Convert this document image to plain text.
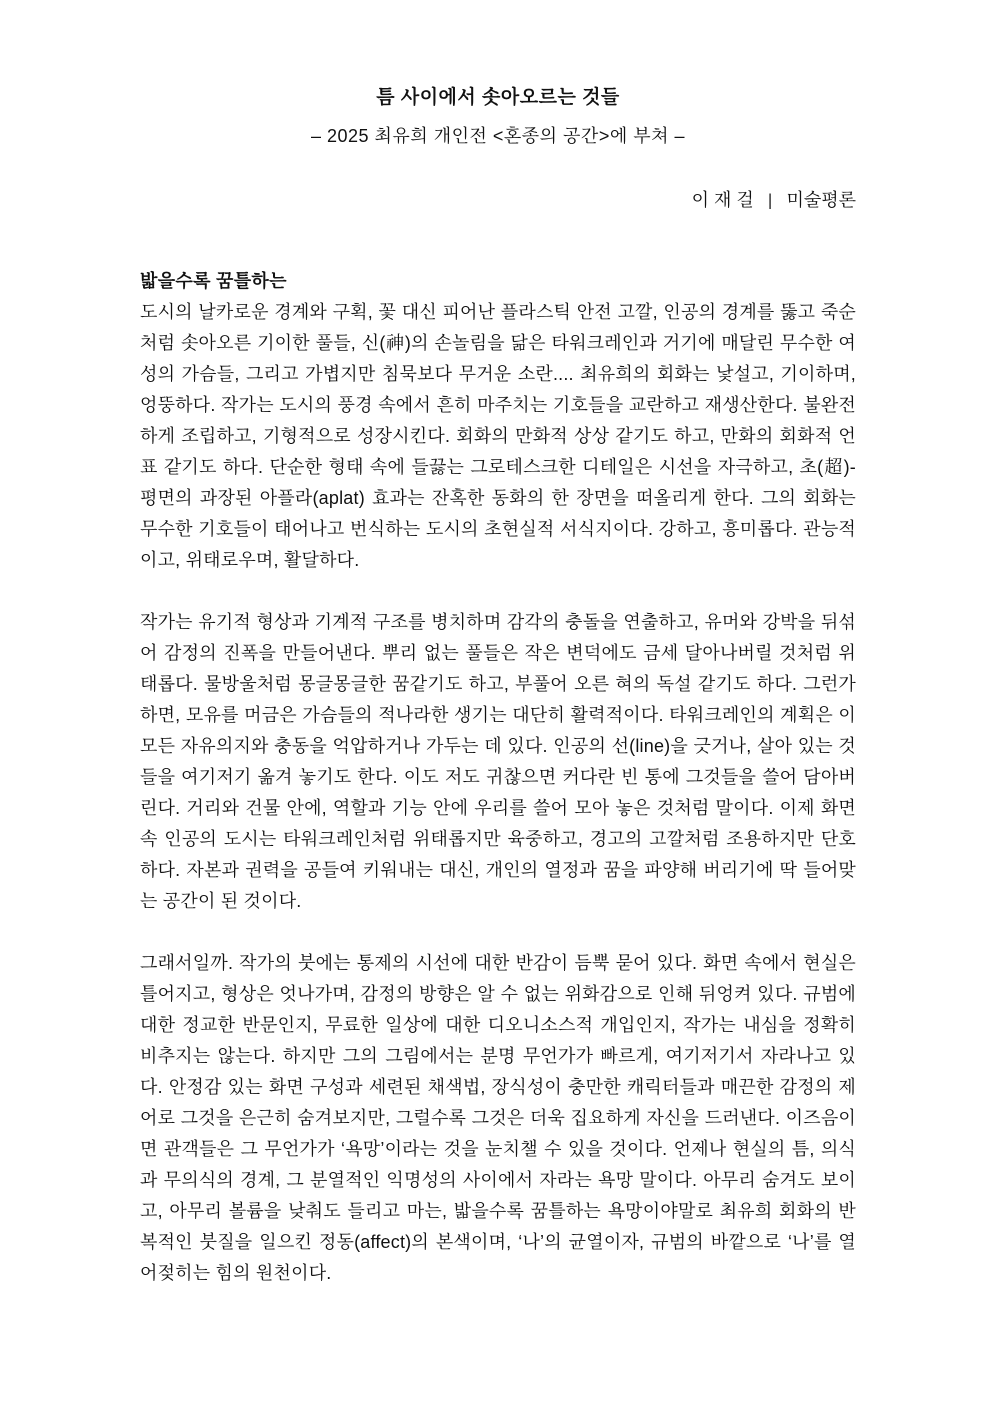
틈 사이에서 솟아오르는 것들
– 2025 최유희 개인전 <혼종의 공간>에 부쳐 –
이 재 걸 | 미술평론
밟을수록 꿈틀하는

도시의 날카로운 경계와 구획, 꽃 대신 피어난 플라스틱 안전 고깔, 인공의 경계를 뚫고 죽순처럼 솟아오른 기이한 풀들, 신(神)의 손놀림을 닮은 타워크레인과 거기에 매달린 무수한 여성의 가슴들, 그리고 가볍지만 침묵보다 무거운 소란.... 최유희의 회화는 낯설고, 기이하며, 엉뚱하다. 작가는 도시의 풍경 속에서 흔히 마주치는 기호들을 교란하고 재생산한다. 불완전하게 조립하고, 기형적으로 성장시킨다. 회화의 만화적 상상 같기도 하고, 만화의 회화적 언표 같기도 하다. 단순한 형태 속에 들끓는 그로테스크한 디테일은 시선을 자극하고, 초(超)-평면의 과장된 아플라(aplat) 효과는 잔혹한 동화의 한 장면을 떠올리게 한다. 그의 회화는 무수한 기호들이 태어나고 번식하는 도시의 초현실적 서식지이다. 강하고, 흥미롭다. 관능적이고, 위태로우며, 활달하다.

작가는 유기적 형상과 기계적 구조를 병치하며 감각의 충돌을 연출하고, 유머와 강박을 뒤섞어 감정의 진폭을 만들어낸다. 뿌리 없는 풀들은 작은 변덕에도 금세 달아나버릴 것처럼 위태롭다. 물방울처럼 몽글몽글한 꿈같기도 하고, 부풀어 오른 혀의 독설 같기도 하다. 그런가 하면, 모유를 머금은 가슴들의 적나라한 생기는 대단히 활력적이다. 타워크레인의 계획은 이 모든 자유의지와 충동을 억압하거나 가두는 데 있다. 인공의 선(line)을 긋거나, 살아 있는 것들을 여기저기 옮겨 놓기도 한다. 이도 저도 귀찮으면 커다란 빈 통에 그것들을 쓸어 담아버린다. 거리와 건물 안에, 역할과 기능 안에 우리를 쓸어 모아 놓은 것처럼 말이다. 이제 화면 속 인공의 도시는 타워크레인처럼 위태롭지만 육중하고, 경고의 고깔처럼 조용하지만 단호하다. 자본과 권력을 공들여 키워내는 대신, 개인의 열정과 꿈을 파양해 버리기에 딱 들어맞는 공간이 된 것이다.

그래서일까. 작가의 붓에는 통제의 시선에 대한 반감이 듬뿍 묻어 있다. 화면 속에서 현실은 틀어지고, 형상은 엇나가며, 감정의 방향은 알 수 없는 위화감으로 인해 뒤엉켜 있다. 규범에 대한 정교한 반문인지, 무료한 일상에 대한 디오니소스적 개입인지, 작가는 내심을 정확히 비추지는 않는다. 하지만 그의 그림에서는 분명 무언가가 빠르게, 여기저기서 자라나고 있다. 안정감 있는 화면 구성과 세련된 채색법, 장식성이 충만한 캐릭터들과 매끈한 감정의 제어로 그것을 은근히 숨겨보지만, 그럴수록 그것은 더욱 집요하게 자신을 드러낸다. 이즈음이면 관객들은 그 무언가가 ‘욕망’이라는 것을 눈치챌 수 있을 것이다. 언제나 현실의 틈, 의식과 무의식의 경계, 그 분열적인 익명성의 사이에서 자라는 욕망 말이다. 아무리 숨겨도 보이고, 아무리 볼륨을 낮춰도 들리고 마는, 밟을수록 꿈틀하는 욕망이야말로 최유희 회화의 반복적인 붓질을 일으킨 정동(affect)의 본색이며, ‘나’의 균열이자, 규범의 바깥으로 ‘나’를 열어젖히는 힘의 원천이다.
